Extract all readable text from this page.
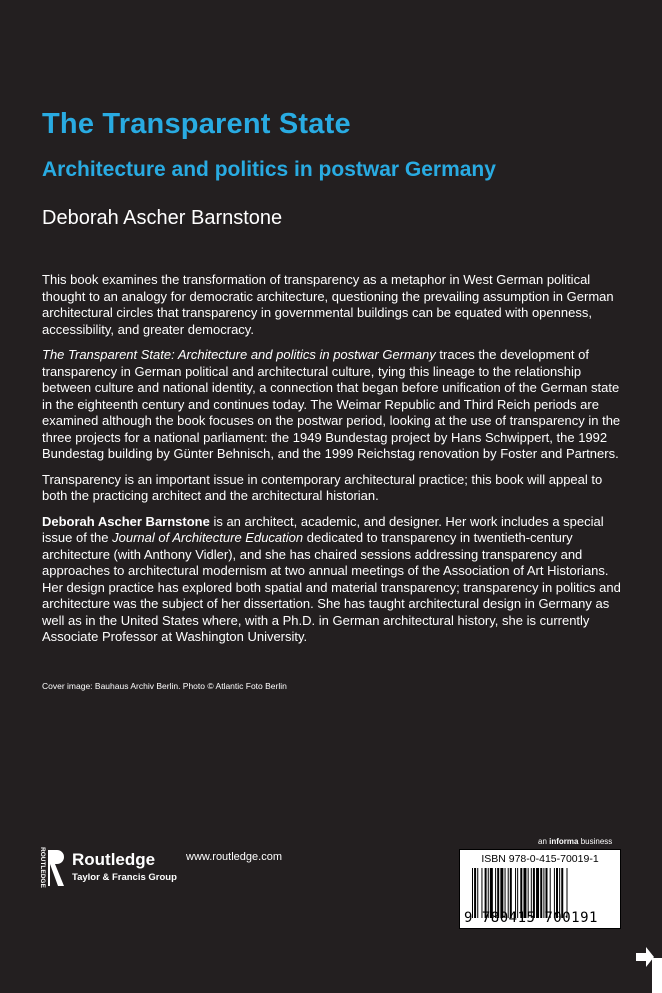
The Transparent State
Architecture and politics in postwar Germany
Deborah Ascher Barnstone

This book examines the transformation of transparency as a metaphor in West German political thought to an analogy for democratic architecture, questioning the prevailing assumption in German architectural circles that transparency in governmental buildings can be equated with openness, accessibility, and greater democracy.

The Transparent State: Architecture and politics in postwar Germany traces the development of transparency in German political and architectural culture, tying this lineage to the relationship between culture and national identity, a connection that began before unification of the German state in the eighteenth century and continues today. The Weimar Republic and Third Reich periods are examined although the book focuses on the postwar period, looking at the use of transparency in the three projects for a national parliament: the 1949 Bundestag project by Hans Schwippert, the 1992 Bundestag building by Günter Behnisch, and the 1999 Reichstag renovation by Foster and Partners.

Transparency is an important issue in contemporary architectural practice; this book will appeal to both the practicing architect and the architectural historian.

Deborah Ascher Barnstone is an architect, academic, and designer. Her work includes a special issue of the Journal of Architecture Education dedicated to transparency in twentieth-century architecture (with Anthony Vidler), and she has chaired sessions addressing transparency and approaches to architectural modernism at two annual meetings of the Association of Art Historians. Her design practice has explored both spatial and material transparency; transparency in politics and architecture was the subject of her dissertation. She has taught architectural design in Germany as well as in the United States where, with a Ph.D. in German architectural history, she is currently Associate Professor at Washington University.

Cover image: Bauhaus Archiv Berlin. Photo © Atlantic Foto Berlin
ROUTLEDGE Routledge
Taylor & Francis Group
www.routledge.com
an informa business
ISBN 978-0-415-70019-1
9 780415 700191
